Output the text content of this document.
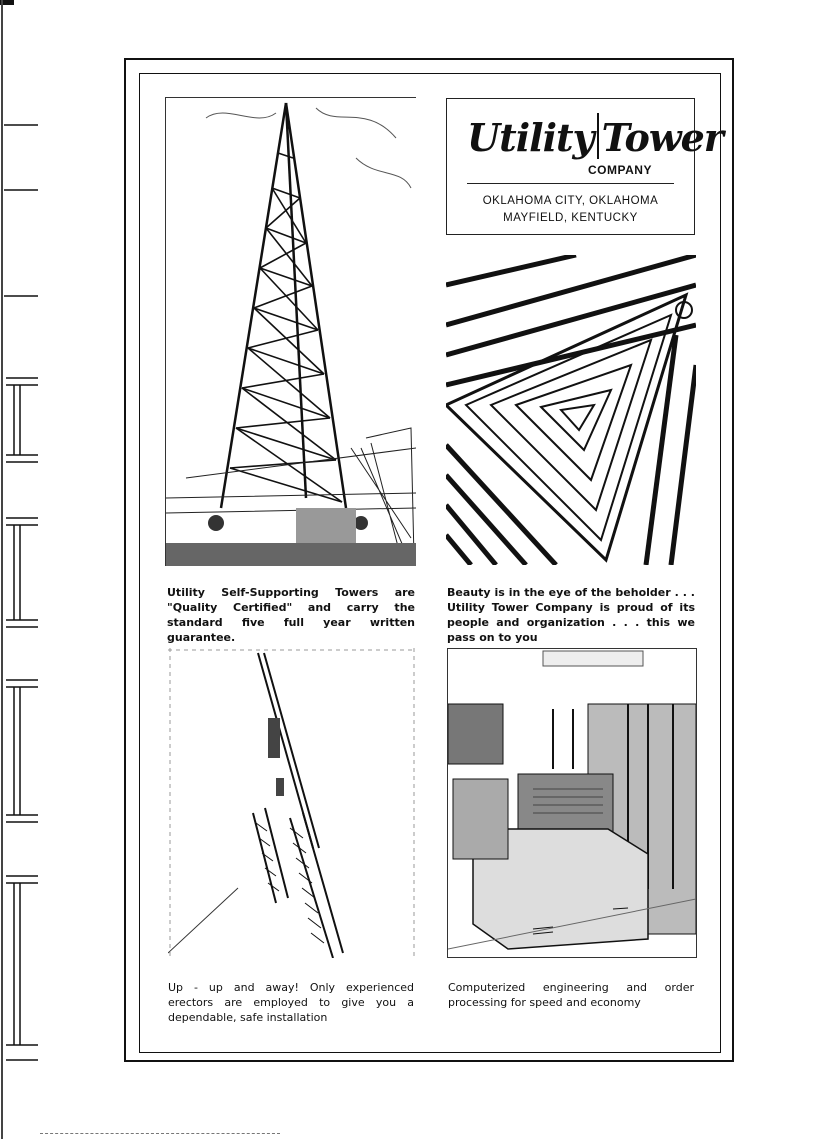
Utility Self-Supporting Towers are "Quality Certified" and carry the standard five full year written guarantee.

Utility Tower
COMPANY
OKLAHOMA CITY, OKLAHOMA
MAYFIELD, KENTUCKY

Beauty is in the eye of the beholder . . . Utility Tower Company is proud of its people and organization . . . this we pass on to you

Up - up and away! Only experienced erectors are employed to give you a dependable, safe installation

Computerized engineering and order processing for speed and economy
